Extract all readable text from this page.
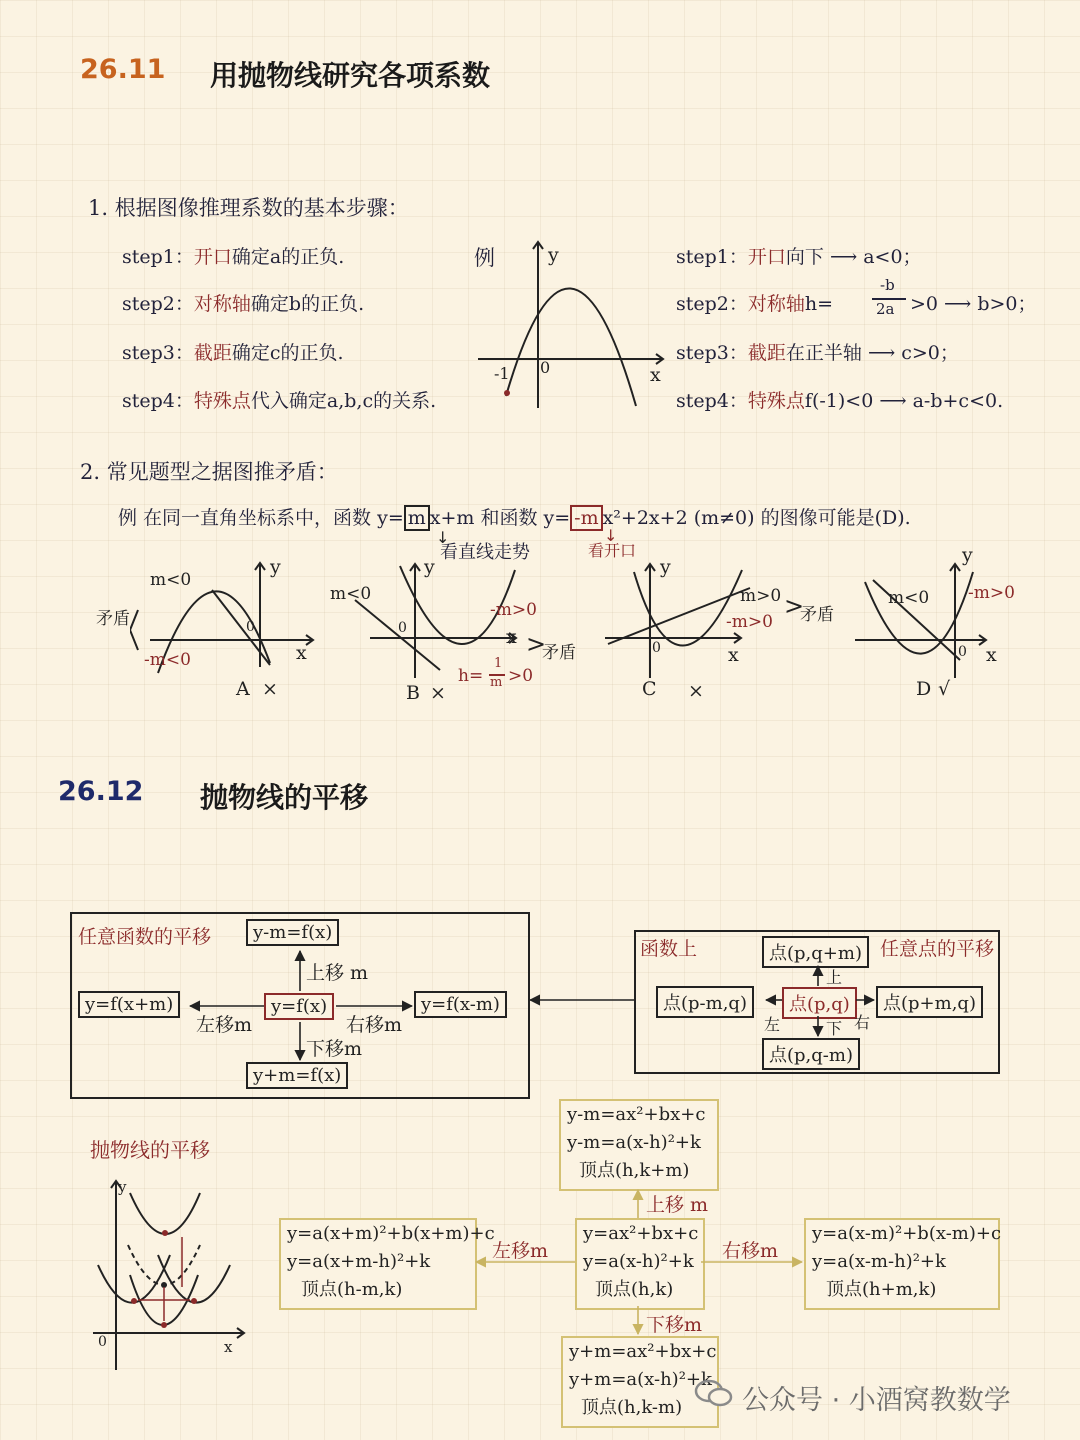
26.11 用抛物线研究各项系数
1. 根据图像推理系数的基本步骤：
step1：开口确定a的正负.
step2：对称轴确定b的正负.
step3：截距确定c的正负.
step4：特殊点代入确定a,b,c的关系.
例	y
x
0
-1
step1：开口向下 ⟶ a<0；
step2：对称轴h=
-b
2a >0 ⟶ b>0；
step3：截距在正半轴 ⟶ c>0；
step4：特殊点f(-1)<0 ⟶ a-b+c<0.
2. 常见题型之据图推矛盾：
例 在同一直角坐标系中，函数 y= m x+m 和函数 y= -m x²+2x+2 (m≠0) 的图像可能是(D).
↓
看直线走势
↓
看开口
矛盾
m<0
-m<0
y
x
0
A ×
m<0
-m>0
>
矛盾
y
x
0
h=
1
m >0
B ×
m>0
-m>0
>
矛盾
y
x
0
C ×
m<0 -m>0
y
x
0
D √
26.12 抛物线的平移
任意函数的平移	y-m=f(x)
y=f(x)
y=f(x+m)	y=f(x-m)
y+m=f(x)
上移 m
左移m	右移m
下移m
函数上	任意点的平移
点(p,q+m)
点(p,q)
点(p-m,q)	点(p+m,q)
点(p,q-m)
上
左	右
下
抛物线的平移
y
x
0
y-m=ax²+bx+c
y-m=a(x-h)²+k
顶点(h,k+m)
y=a(x+m)²+b(x+m)+c
y=a(x+m-h)²+k
顶点(h-m,k)
y=ax²+bx+c
y=a(x-h)²+k
顶点(h,k)
y=a(x-m)²+b(x-m)+c
y=a(x-m-h)²+k
顶点(h+m,k)
y+m=ax²+bx+c
y+m=a(x-h)²+k
顶点(h,k-m)
上移 m
左移m	右移m
下移m
公众号 · 小酒窝教数学
